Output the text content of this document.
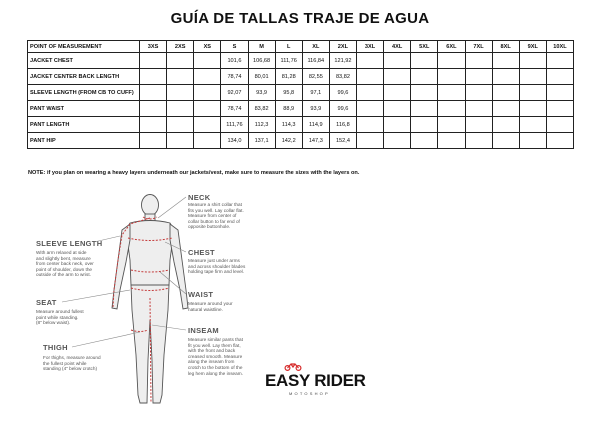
GUÍA DE TALLAS TRAJE DE AGUA
POINT OF MEASUREMENT	3XS	2XS	XS	S	M	L	XL	2XL	3XL	4XL	5XL	6XL	7XL	8XL	9XL	10XL
JACKET CHEST				101,6	106,68	111,76	116,84	121,92								
JACKET CENTER BACK LENGTH				78,74	80,01	81,28	82,55	83,82								
SLEEVE LENGTH (FROM CB TO CUFF)				92,07	93,9	95,8	97,1	99,6								
PANT WAIST				78,74	83,82	88,9	93,9	99,6								
PANT LENGTH				111,76	112,3	114,3	114,9	116,8								
PANT HIP				134,0	137,1	142,2	147,3	152,4								
NOTE: if you plan on wearing a heavy layers underneath our jackets/vest, make sure to measure the sizes with the layers on.
NECK
Measure a shirt collar that
fits you well. Lay collar flat.
Measure from center of
collar button to far end of
opposite buttonhole.
SLEEVE LENGTH
With arm relaxed at side
and slightly bent, measure
from center back neck, over
point of shoulder, down the
outside of the arm to wrist.
CHEST
Measure just under arms
and across shoulder blades
holding tape firm and level.
WAIST
Measure around your
natural waistline.
SEAT
Measure around fullest
point while standing.
(8" below waist).
INSEAM
Measure similar pants that
fit you well. Lay them flat,
with the front and back
creased smooth. Measure
along the inseam from
crotch to the bottom of the
leg hem along the inseam.
THIGH
For thighs, measure around
the fullest point while
standing (4" below crotch)
EASY RIDER
MOTOSHOP
